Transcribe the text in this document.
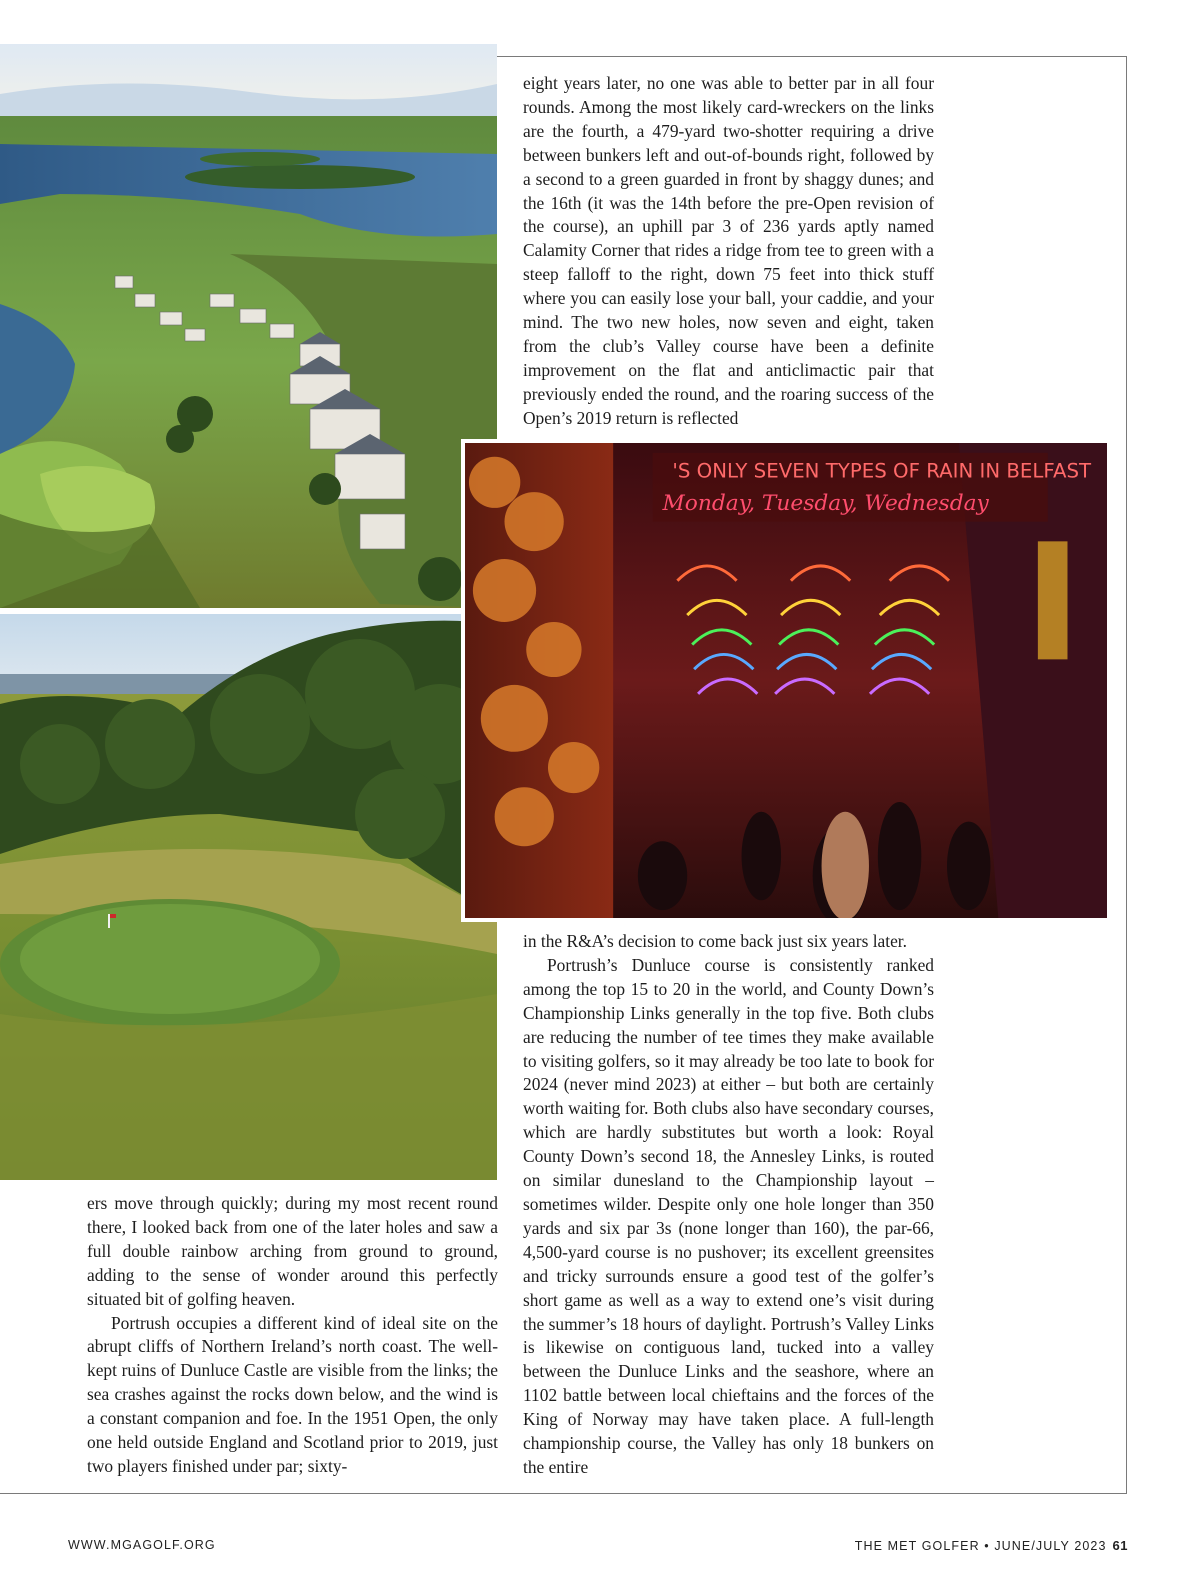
'S ONLY SEVEN TYPES OF RAIN IN BELFAST
Monday, Tuesday, Wednesday

eight years later, no one was able to better par in all four rounds. Among the most likely card-wreckers on the links are the fourth, a 479-yard two-shotter requiring a drive between bunkers left and out-of-bounds right, followed by a second to a green guarded in front by shaggy dunes; and the 16th (it was the 14th before the pre-Open revision of the course), an uphill par 3 of 236 yards aptly named Calamity Corner that rides a ridge from tee to green with a steep falloff to the right, down 75 feet into thick stuff where you can easily lose your ball, your caddie, and your mind. The two new holes, now seven and eight, taken from the club’s Valley course have been a definite improvement on the flat and anticlimactic pair that previously ended the round, and the roaring success of the Open’s 2019 return is reflected

ers move through quickly; during my most recent round there, I looked back from one of the later holes and saw a full double rainbow arching from ground to ground, adding to the sense of wonder around this perfectly situated bit of golfing heaven.

Portrush occupies a different kind of ideal site on the abrupt cliffs of Northern Ireland’s north coast. The well-kept ruins of Dunluce Castle are visible from the links; the sea crashes against the rocks down below, and the wind is a constant companion and foe. In the 1951 Open, the only one held outside England and Scotland prior to 2019, just two players finished under par; sixty-

in the R&A’s decision to come back just six years later.

Portrush’s Dunluce course is consistently ranked among the top 15 to 20 in the world, and County Down’s Championship Links generally in the top five. Both clubs are reducing the number of tee times they make available to visiting golfers, so it may already be too late to book for 2024 (never mind 2023) at either – but both are certainly worth waiting for. Both clubs also have secondary courses, which are hardly substitutes but worth a look: Royal County Down’s second 18, the Annesley Links, is routed on similar dunesland to the Championship layout – sometimes wilder. Despite only one hole longer than 350 yards and six par 3s (none longer than 160), the par-66, 4,500-yard course is no pushover; its excellent greensites and tricky surrounds ensure a good test of the golfer’s short game as well as a way to extend one’s visit during the summer’s 18 hours of daylight. Portrush’s Valley Links is likewise on contiguous land, tucked into a valley between the Dunluce Links and the seashore, where an 1102 battle between local chieftains and the forces of the King of Norway may have taken place. A full-length championship course, the Valley has only 18 bunkers on the entire

WWW.MGAGOLF.ORG	THE MET GOLFER • JUNE/JULY 2023 61
